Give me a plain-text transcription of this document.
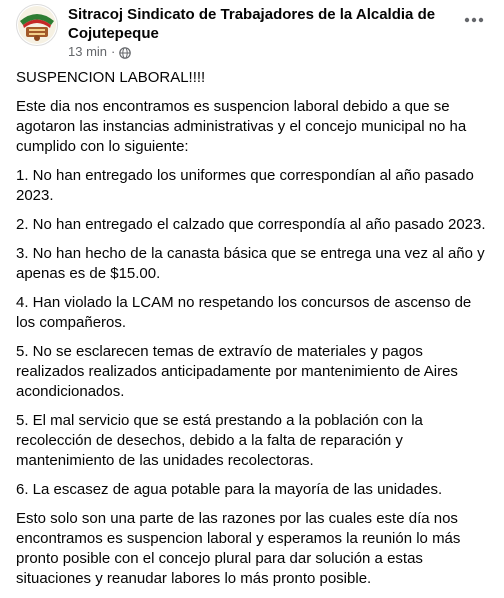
Sitracoj Sindicato de Trabajadores de la Alcaldia de Cojutepeque
13 min ·

SUSPENCION LABORAL!!!!

Este dia nos encontramos es suspencion laboral debido a que se agotaron las instancias administrativas y el concejo municipal no ha cumplido con lo siguiente:

1. No han entregado los uniformes que correspondían al año pasado 2023.

2. No han entregado el calzado que correspondía al año pasado 2023.

3. No han hecho de la canasta básica que se entrega una vez al año y apenas es de $15.00.

4. Han violado la LCAM no respetando los concursos de ascenso de los compañeros.

5. No se esclarecen temas de extravío de materiales y pagos realizados realizados anticipadamente por mantenimiento de Aires acondicionados.

5. El mal servicio que se está prestando a la población con la recolección de desechos, debido a la falta de reparación y mantenimiento de las unidades recolectoras.

6. La escasez de agua potable para la mayoría de las unidades.

Esto solo son una parte de las razones por las cuales este día nos encontramos es suspencion laboral y esperamos la reunión lo más pronto posible con el concejo plural para dar solución a estas situaciones y reanudar labores lo más pronto posible.
